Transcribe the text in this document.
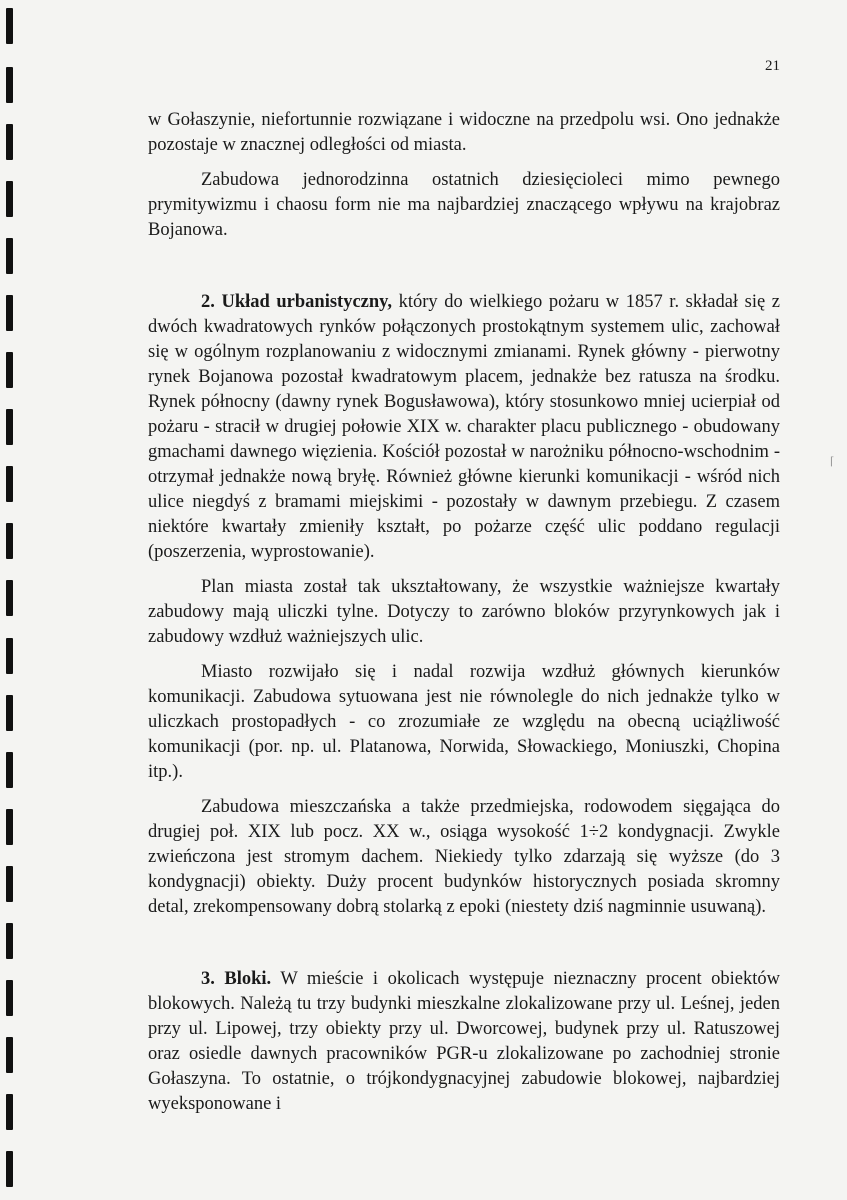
21
⌈

w Gołaszynie, niefortunnie rozwiązane i widoczne na przedpolu wsi. Ono jednakże pozostaje w znacznej odległości od miasta.

Zabudowa jednorodzinna ostatnich dziesięcioleci mimo pewnego prymitywizmu i chaosu form nie ma najbardziej znaczącego wpływu na krajobraz Bojanowa.

2. Układ urbanistyczny, który do wielkiego pożaru w 1857 r. składał się z dwóch kwadratowych rynków połączonych prostokątnym systemem ulic, zachował się w ogólnym rozplanowaniu z widocznymi zmianami. Rynek główny - pierwotny rynek Bojanowa pozostał kwadratowym placem, jednakże bez ratusza na środku. Rynek północny (dawny rynek Bogusławowa), który stosunkowo mniej ucierpiał od pożaru - stracił w drugiej połowie XIX w. charakter placu publicznego - obudowany gmachami dawnego więzienia. Kościół pozostał w narożniku północno-wschodnim - otrzymał jednakże nową bryłę. Również główne kierunki komunikacji - wśród nich ulice niegdyś z bramami miejskimi - pozostały w dawnym przebiegu. Z czasem niektóre kwartały zmieniły kształt, po pożarze część ulic poddano regulacji (poszerzenia, wyprostowanie).

Plan miasta został tak ukształtowany, że wszystkie ważniejsze kwartały zabudowy mają uliczki tylne. Dotyczy to zarówno bloków przyrynkowych jak i zabudowy wzdłuż ważniejszych ulic.

Miasto rozwijało się i nadal rozwija wzdłuż głównych kierunków komunikacji. Zabudowa sytuowana jest nie równolegle do nich jednakże tylko w uliczkach prostopadłych - co zrozumiałe ze względu na obecną uciążliwość komunikacji (por. np. ul. Platanowa, Norwida, Słowackiego, Moniuszki, Chopina itp.).

Zabudowa mieszczańska a także przedmiejska, rodowodem sięgająca do drugiej poł. XIX lub pocz. XX w., osiąga wysokość 1÷2 kondygnacji. Zwykle zwieńczona jest stromym dachem. Niekiedy tylko zdarzają się wyższe (do 3 kondygnacji) obiekty. Duży procent budynków historycznych posiada skromny detal, zrekompensowany dobrą stolarką z epoki (niestety dziś nagminnie usuwaną).

3. Bloki. W mieście i okolicach występuje nieznaczny procent obiektów blokowych. Należą tu trzy budynki mieszkalne zlokalizowane przy ul. Leśnej, jeden przy ul. Lipowej, trzy obiekty przy ul. Dworcowej, budynek przy ul. Ratuszowej oraz osiedle dawnych pracowników PGR-u zlokalizowane po zachodniej stronie Gołaszyna. To ostatnie, o trójkondygnacyjnej zabudowie blokowej, najbardziej wyeksponowane i
